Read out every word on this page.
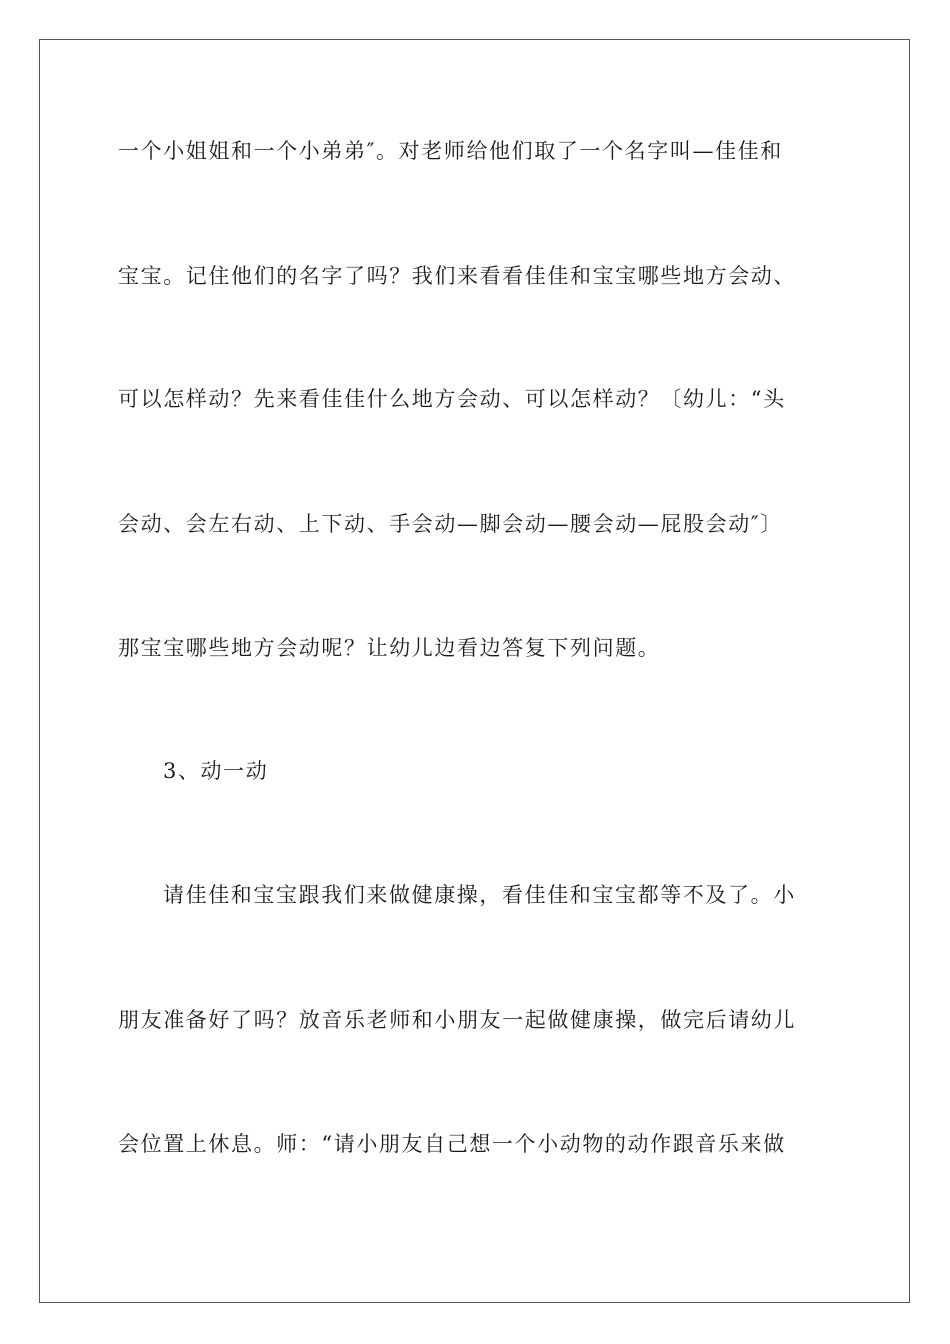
一个小姐姐和一个小弟弟″。对老师给他们取了一个名字叫—佳佳和
宝宝。记住他们的名字了吗？我们来看看佳佳和宝宝哪些地方会动、
可以怎样动？先来看佳佳什么地方会动、可以怎样动？〔幼儿：“头
会动、会左右动、上下动、手会动—脚会动—腰会动—屁股会动″〕
那宝宝哪些地方会动呢？让幼儿边看边答复下列问题。
3、动一动
请佳佳和宝宝跟我们来做健康操，看佳佳和宝宝都等不及了。小
朋友准备好了吗？放音乐老师和小朋友一起做健康操，做完后请幼儿
会位置上休息。师：“请小朋友自己想一个小动物的动作跟音乐来做
